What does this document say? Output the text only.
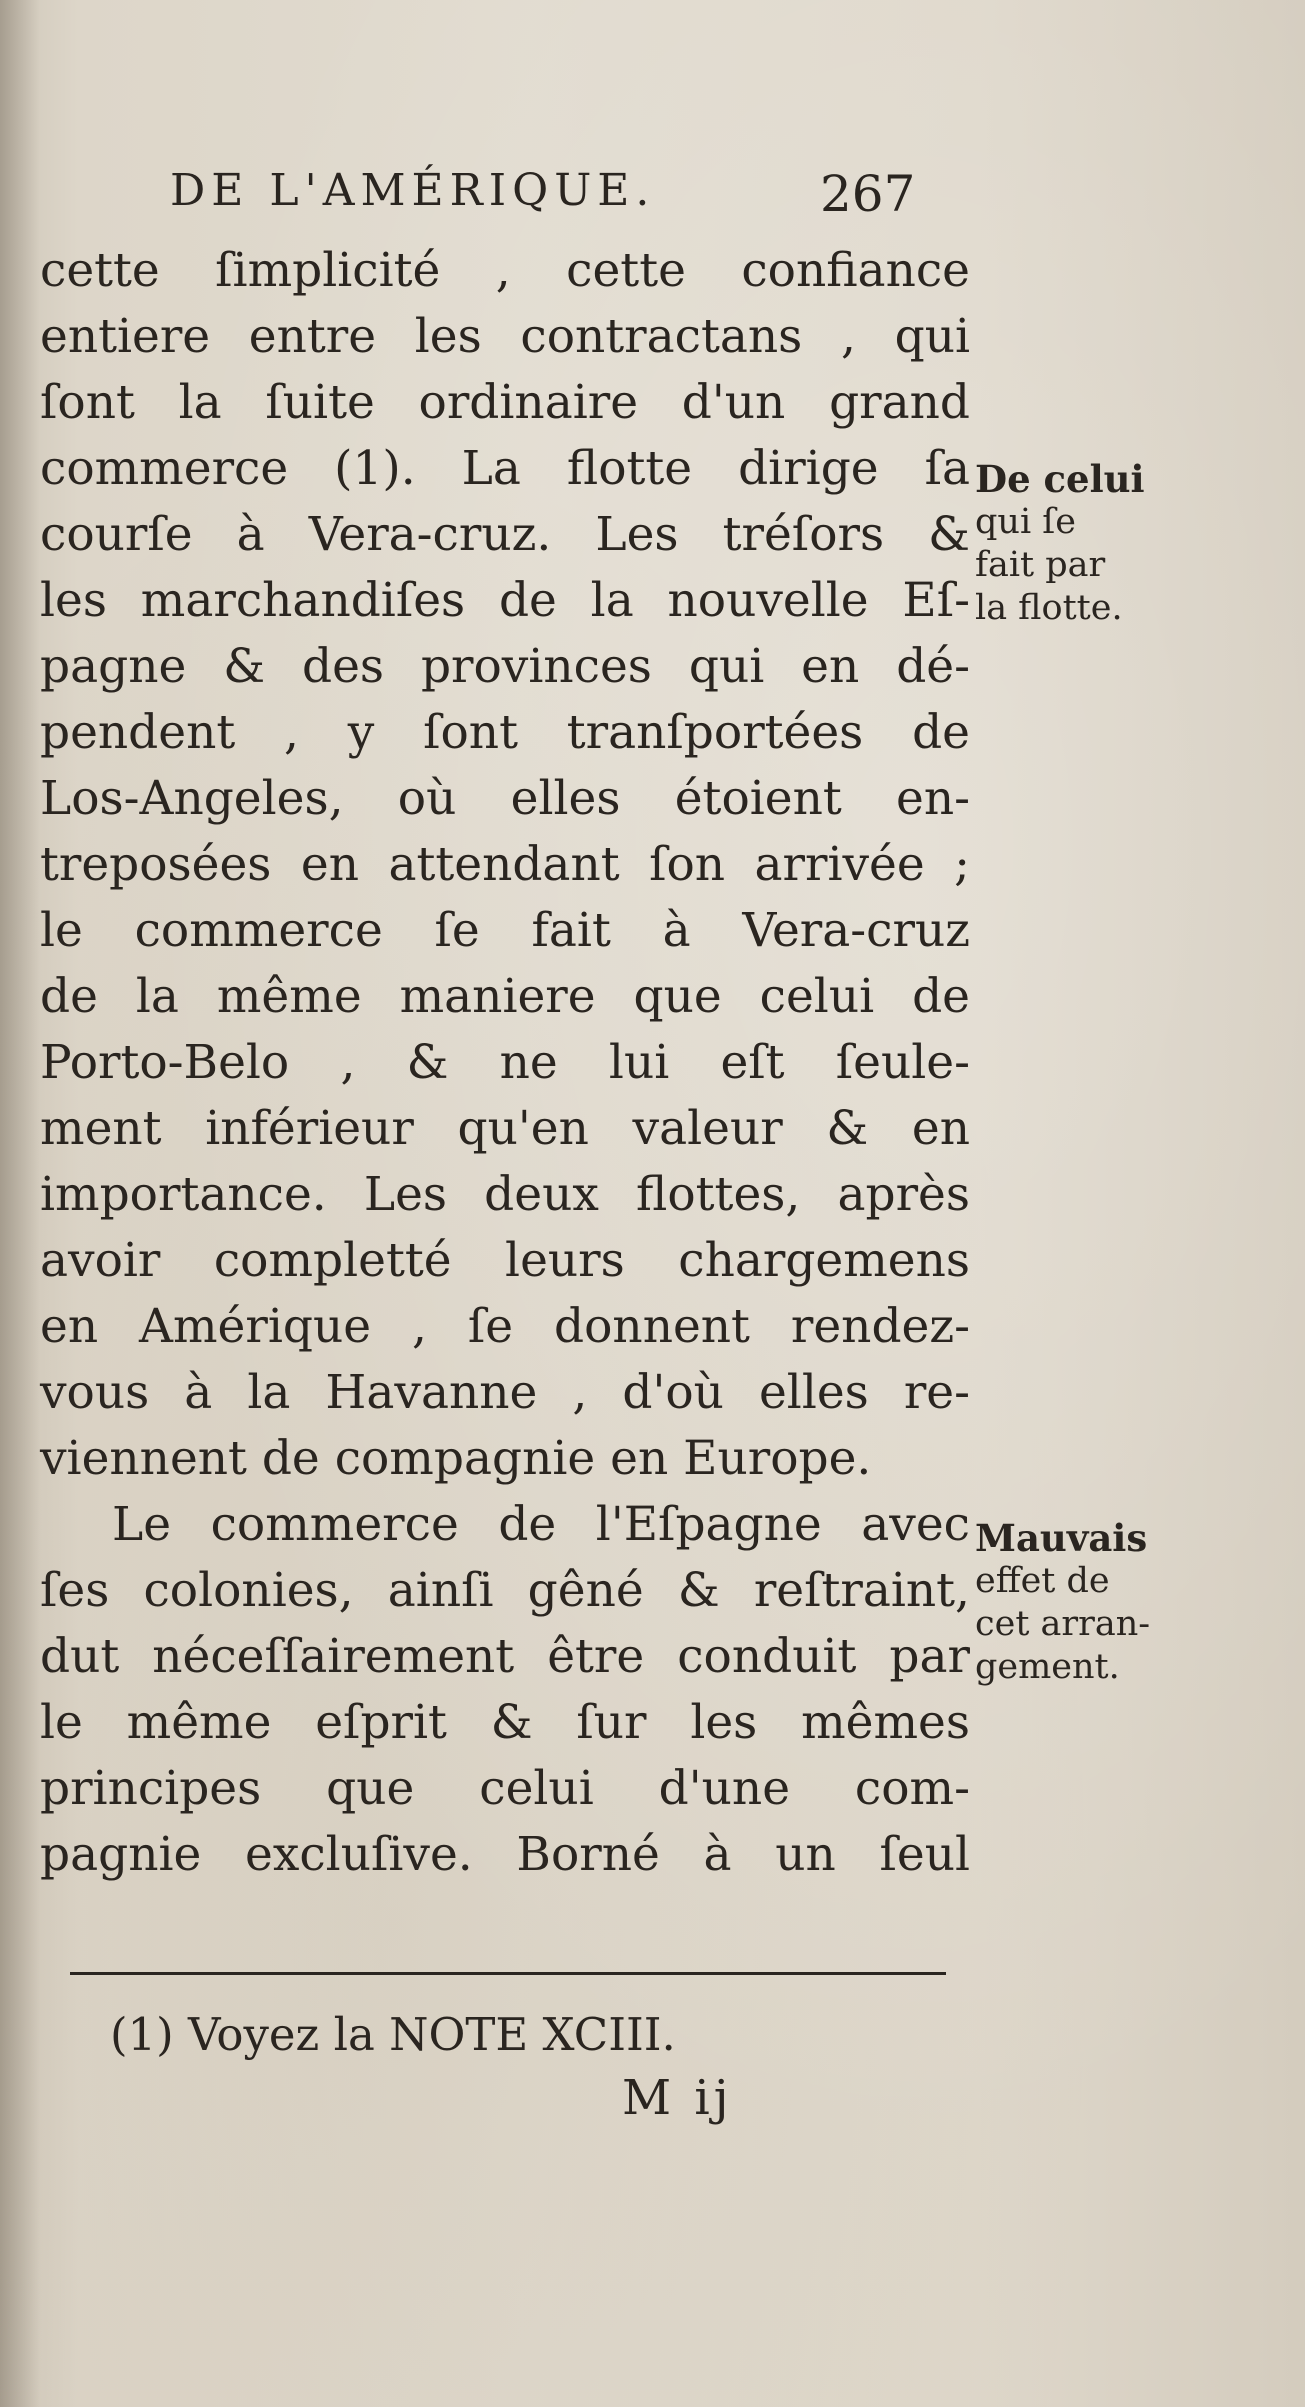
DE L'AMÉRIQUE.	267
cette ſimplicité , cette confiance
entiere entre les contractans , qui
ſont la ſuite ordinaire d'un grand
commerce (1). La flotte dirige ſa
courſe à Vera-cruz. Les tréſors &
les marchandiſes de la nouvelle Eſ-
pagne & des provinces qui en dé-
pendent , y ſont tranſportées de
Los-Angeles, où elles étoient en-
treposées en attendant ſon arrivée ;
le commerce ſe fait à Vera-cruz
de la même maniere que celui de
Porto-Belo , & ne lui eſt ſeule-
ment inférieur qu'en valeur & en
importance. Les deux flottes, après
avoir completté leurs chargemens
en Amérique , ſe donnent rendez-
vous à la Havanne , d'où elles re-
viennent de compagnie en Europe.
Le commerce de l'Eſpagne avec
ſes colonies, ainſi gêné & reſtraint,
dut néceſſairement être conduit par
le même eſprit & ſur les mêmes
principes que celui d'une com-
pagnie excluſive. Borné à un ſeul
De celui
qui ſe
fait par
la flotte.
Mauvais
effet de
cet arran-
gement.
(1) Voyez la NOTE XCIII.
M ij
